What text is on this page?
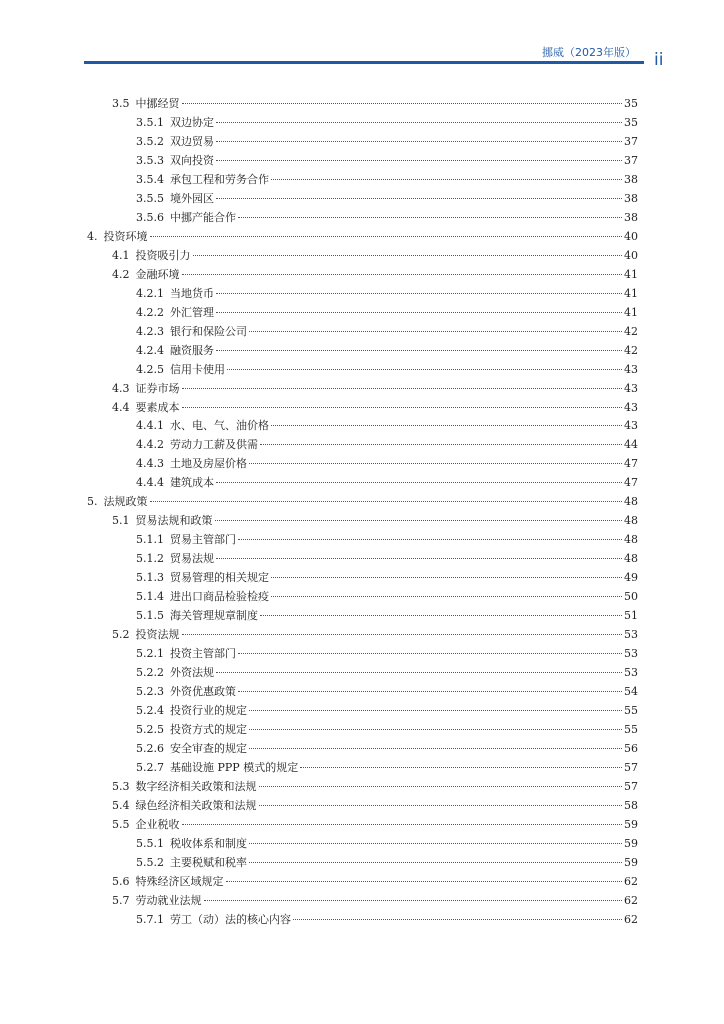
挪威（2023年版） ii
3.5 中挪经贸	35
3.5.1 双边协定	35
3.5.2 双边贸易	37
3.5.3 双向投资	37
3.5.4 承包工程和劳务合作	38
3.5.5 境外园区	38
3.5.6 中挪产能合作	38
4. 投资环境	40
4.1 投资吸引力	40
4.2 金融环境	41
4.2.1 当地货币	41
4.2.2 外汇管理	41
4.2.3 银行和保险公司	42
4.2.4 融资服务	42
4.2.5 信用卡使用	43
4.3 证券市场	43
4.4 要素成本	43
4.4.1 水、电、气、油价格	43
4.4.2 劳动力工薪及供需	44
4.4.3 土地及房屋价格	47
4.4.4 建筑成本	47
5. 法规政策	48
5.1 贸易法规和政策	48
5.1.1 贸易主管部门	48
5.1.2 贸易法规	48
5.1.3 贸易管理的相关规定	49
5.1.4 进出口商品检验检疫	50
5.1.5 海关管理规章制度	51
5.2 投资法规	53
5.2.1 投资主管部门	53
5.2.2 外资法规	53
5.2.3 外资优惠政策	54
5.2.4 投资行业的规定	55
5.2.5 投资方式的规定	55
5.2.6 安全审查的规定	56
5.2.7 基础设施 PPP 模式的规定	57
5.3 数字经济相关政策和法规	57
5.4 绿色经济相关政策和法规	58
5.5 企业税收	59
5.5.1 税收体系和制度	59
5.5.2 主要税赋和税率	59
5.6 特殊经济区域规定	62
5.7 劳动就业法规	62
5.7.1 劳工（动）法的核心内容	62
